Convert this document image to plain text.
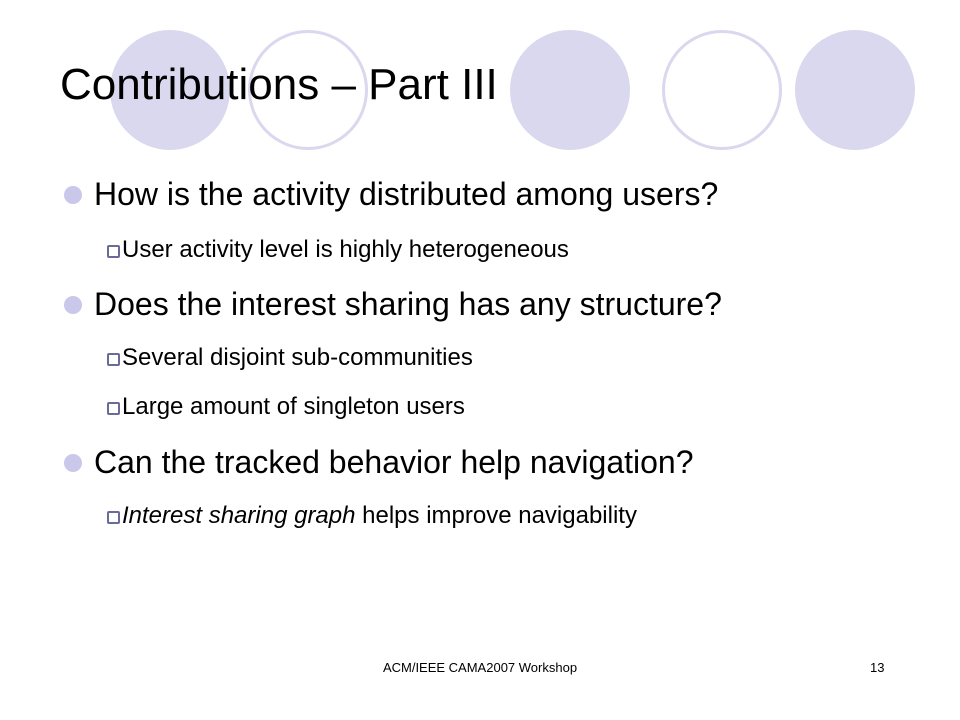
Contributions – Part III
How is the activity distributed among users?
User activity level is highly heterogeneous
Does the interest sharing has any structure?
Several disjoint sub-communities
Large amount of singleton users
Can the tracked behavior help navigation?
Interest sharing graph helps improve navigability
ACM/IEEE CAMA2007 Workshop	13
